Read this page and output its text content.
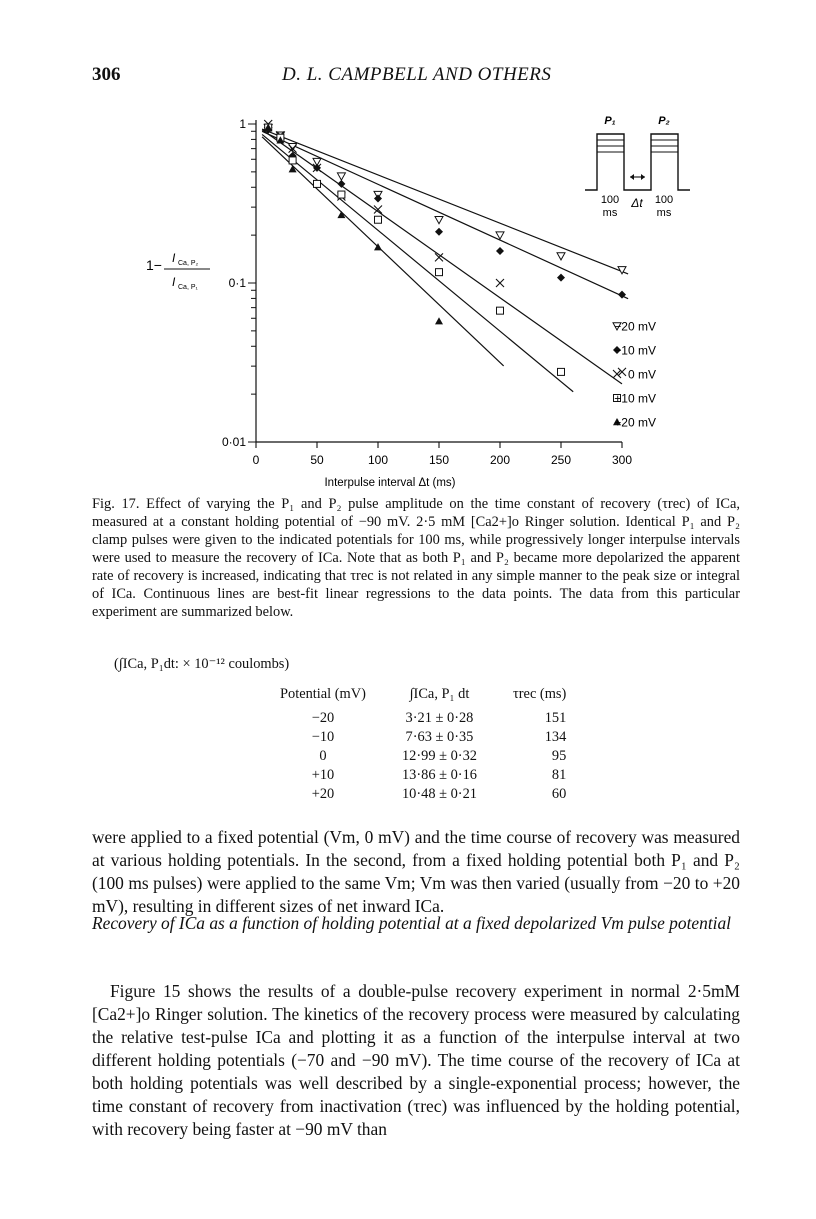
306	D. L. CAMPBELL AND OTHERS
0	50	100	150	200	250	300
0·01
0·1
1
−20 mV
−10 mV
0 mV
+10 mV
+20 mV
1− I Ca, P₂
I Ca, P₁
Interpulse interval Δt (ms)
P₁	P₂
100
ms
Δt 100
ms
Fig. 17. Effect of varying the P₁ and P₂ pulse amplitude on the time constant of recovery (τrec) of ICa, measured at a constant holding potential of −90 mV. 2·5 mM [Ca2+]o Ringer solution. Identical P₁ and P₂ clamp pulses were given to the indicated potentials for 100 ms, while progressively longer interpulse intervals were used to measure the recovery of ICa. Note that as both P₁ and P₂ became more depolarized the apparent rate of recovery is increased, indicating that τrec is not related in any simple manner to the peak size or integral of ICa. Continuous lines are best-fit linear regressions to the data points. The data from this particular experiment are summarized below.
(∫ICa, P₁dt: × 10⁻¹² coulombs)
Potential (mV)	∫ICa, P₁ dt	τrec (ms)
−20	3·21 ± 0·28	151
−10	7·63 ± 0·35	134
0	12·99 ± 0·32	95
+10	13·86 ± 0·16	81
+20	10·48 ± 0·21	60
were applied to a fixed potential (Vm, 0 mV) and the time course of recovery was measured at various holding potentials. In the second, from a fixed holding potential both P₁ and P₂ (100 ms pulses) were applied to the same Vm; Vm was then varied (usually from −20 to +20 mV), resulting in different sizes of net inward ICa.
Recovery of ICa as a function of holding potential at a fixed depolarized Vm pulse potential
Figure 15 shows the results of a double-pulse recovery experiment in normal 2·5mM [Ca2+]o Ringer solution. The kinetics of the recovery process were measured by calculating the relative test-pulse ICa and plotting it as a function of the interpulse interval at two different holding potentials (−70 and −90 mV). The time course of the recovery of ICa at both holding potentials was well described by a single-exponential process; however, the time constant of recovery from inactivation (τrec) was influenced by the holding potential, with recovery being faster at −90 mV than
